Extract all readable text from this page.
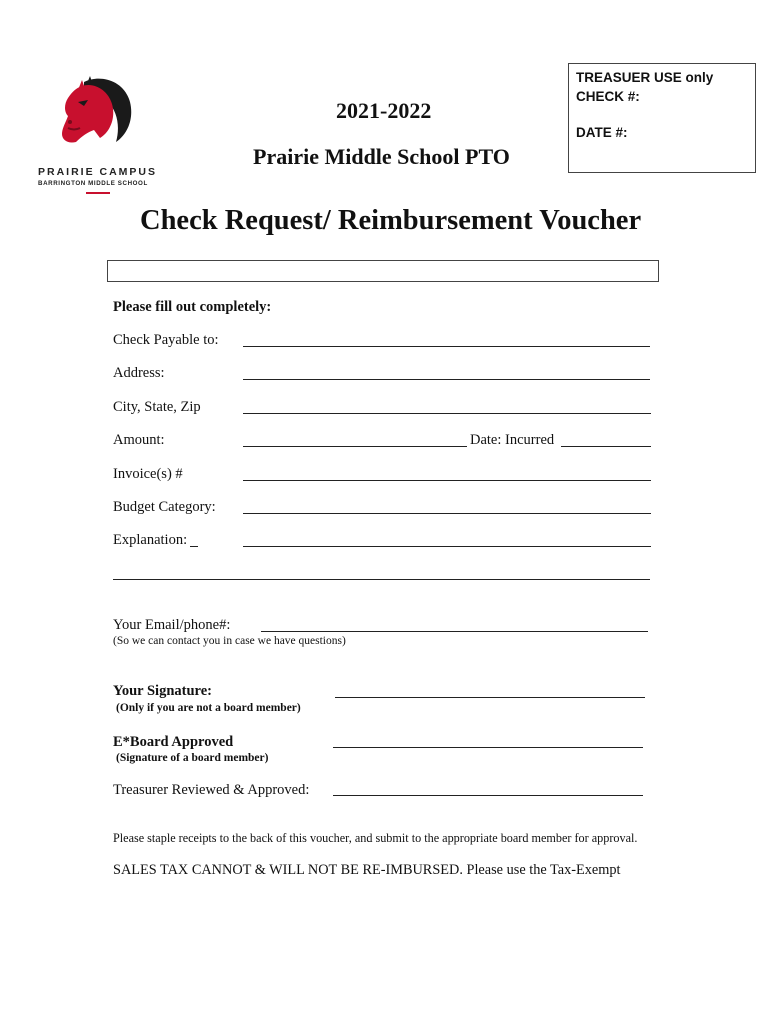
PRAIRIE CAMPUS
BARRINGTON MIDDLE SCHOOL
2021-2022
Prairie Middle School PTO
TREASUER USE only
CHECK #:
DATE #:
Check Request/ Reimbursement Voucher
Please fill out completely:
Check Payable to:
Address:
City, State, Zip
Amount:	Date: Incurred
Invoice(s) #
Budget Category:
Explanation:
Your Email/phone#:
(So we can contact you in case we have questions)
Your Signature:
(Only if you are not a board member)
E*Board Approved
(Signature of a board member)
Treasurer Reviewed & Approved:
Please staple receipts to the back of this voucher, and submit to the appropriate board member for approval.
SALES TAX CANNOT & WILL NOT BE RE-IMBURSED. Please use the Tax-Exempt
